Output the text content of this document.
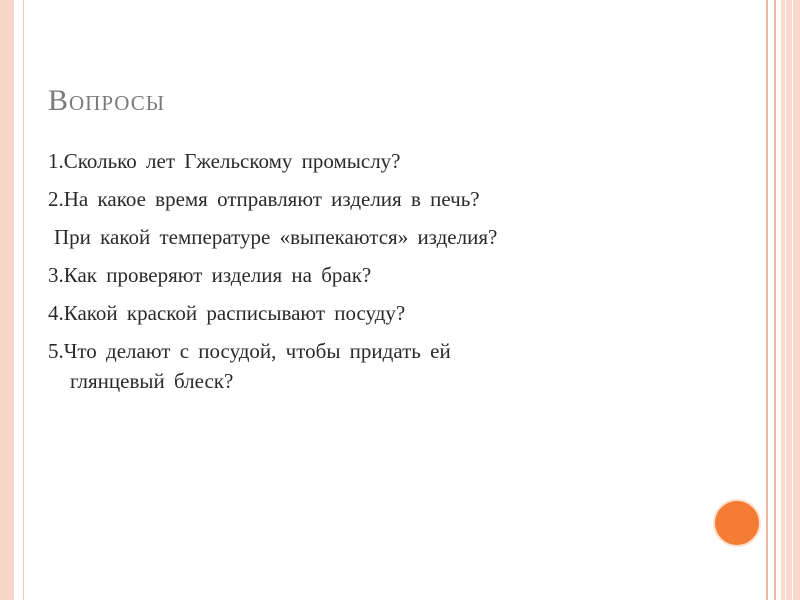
Вопросы
1.Сколько лет Гжельскому промыслу?
2.На какое время отправляют изделия в печь?
При какой температуре «выпекаются» изделия?
3.Как проверяют изделия на брак?
4.Какой краской расписывают посуду?
5.Что делают с посудой, чтобы придать ей
глянцевый блеск?
